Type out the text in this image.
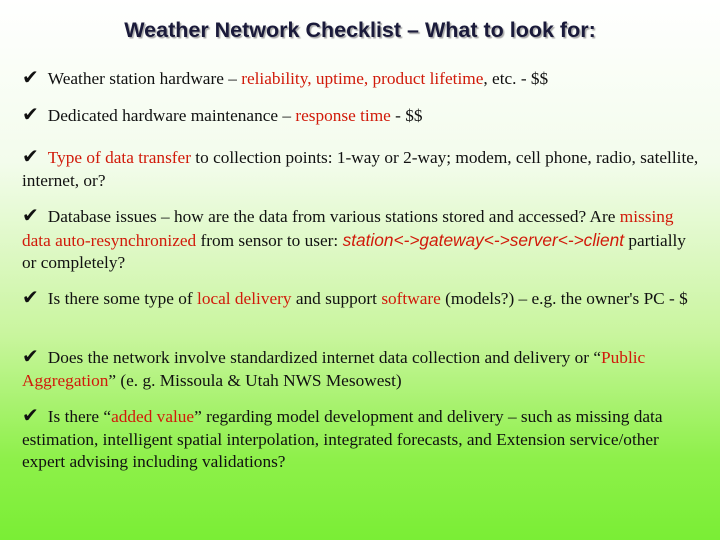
Weather Network Checklist – What to look for:
✔ Weather station hardware – reliability, uptime, product lifetime, etc. - $$
✔ Dedicated hardware maintenance – response time - $$
✔ Type of data transfer to collection points: 1-way or 2-way; modem, cell phone, radio, satellite, internet, or?
✔ Database issues – how are the data from various stations stored and accessed? Are missing data auto-resynchronized from sensor to user: station<->gateway<->server<->client partially or completely?
✔ Is there some type of local delivery and support software (models?) – e.g. the owner's PC - $
✔ Does the network involve standardized internet data collection and delivery or “Public Aggregation” (e. g. Missoula & Utah NWS Mesowest)
✔ Is there “added value” regarding model development and delivery – such as missing data estimation, intelligent spatial interpolation, integrated forecasts, and Extension service/other expert advising including validations?
